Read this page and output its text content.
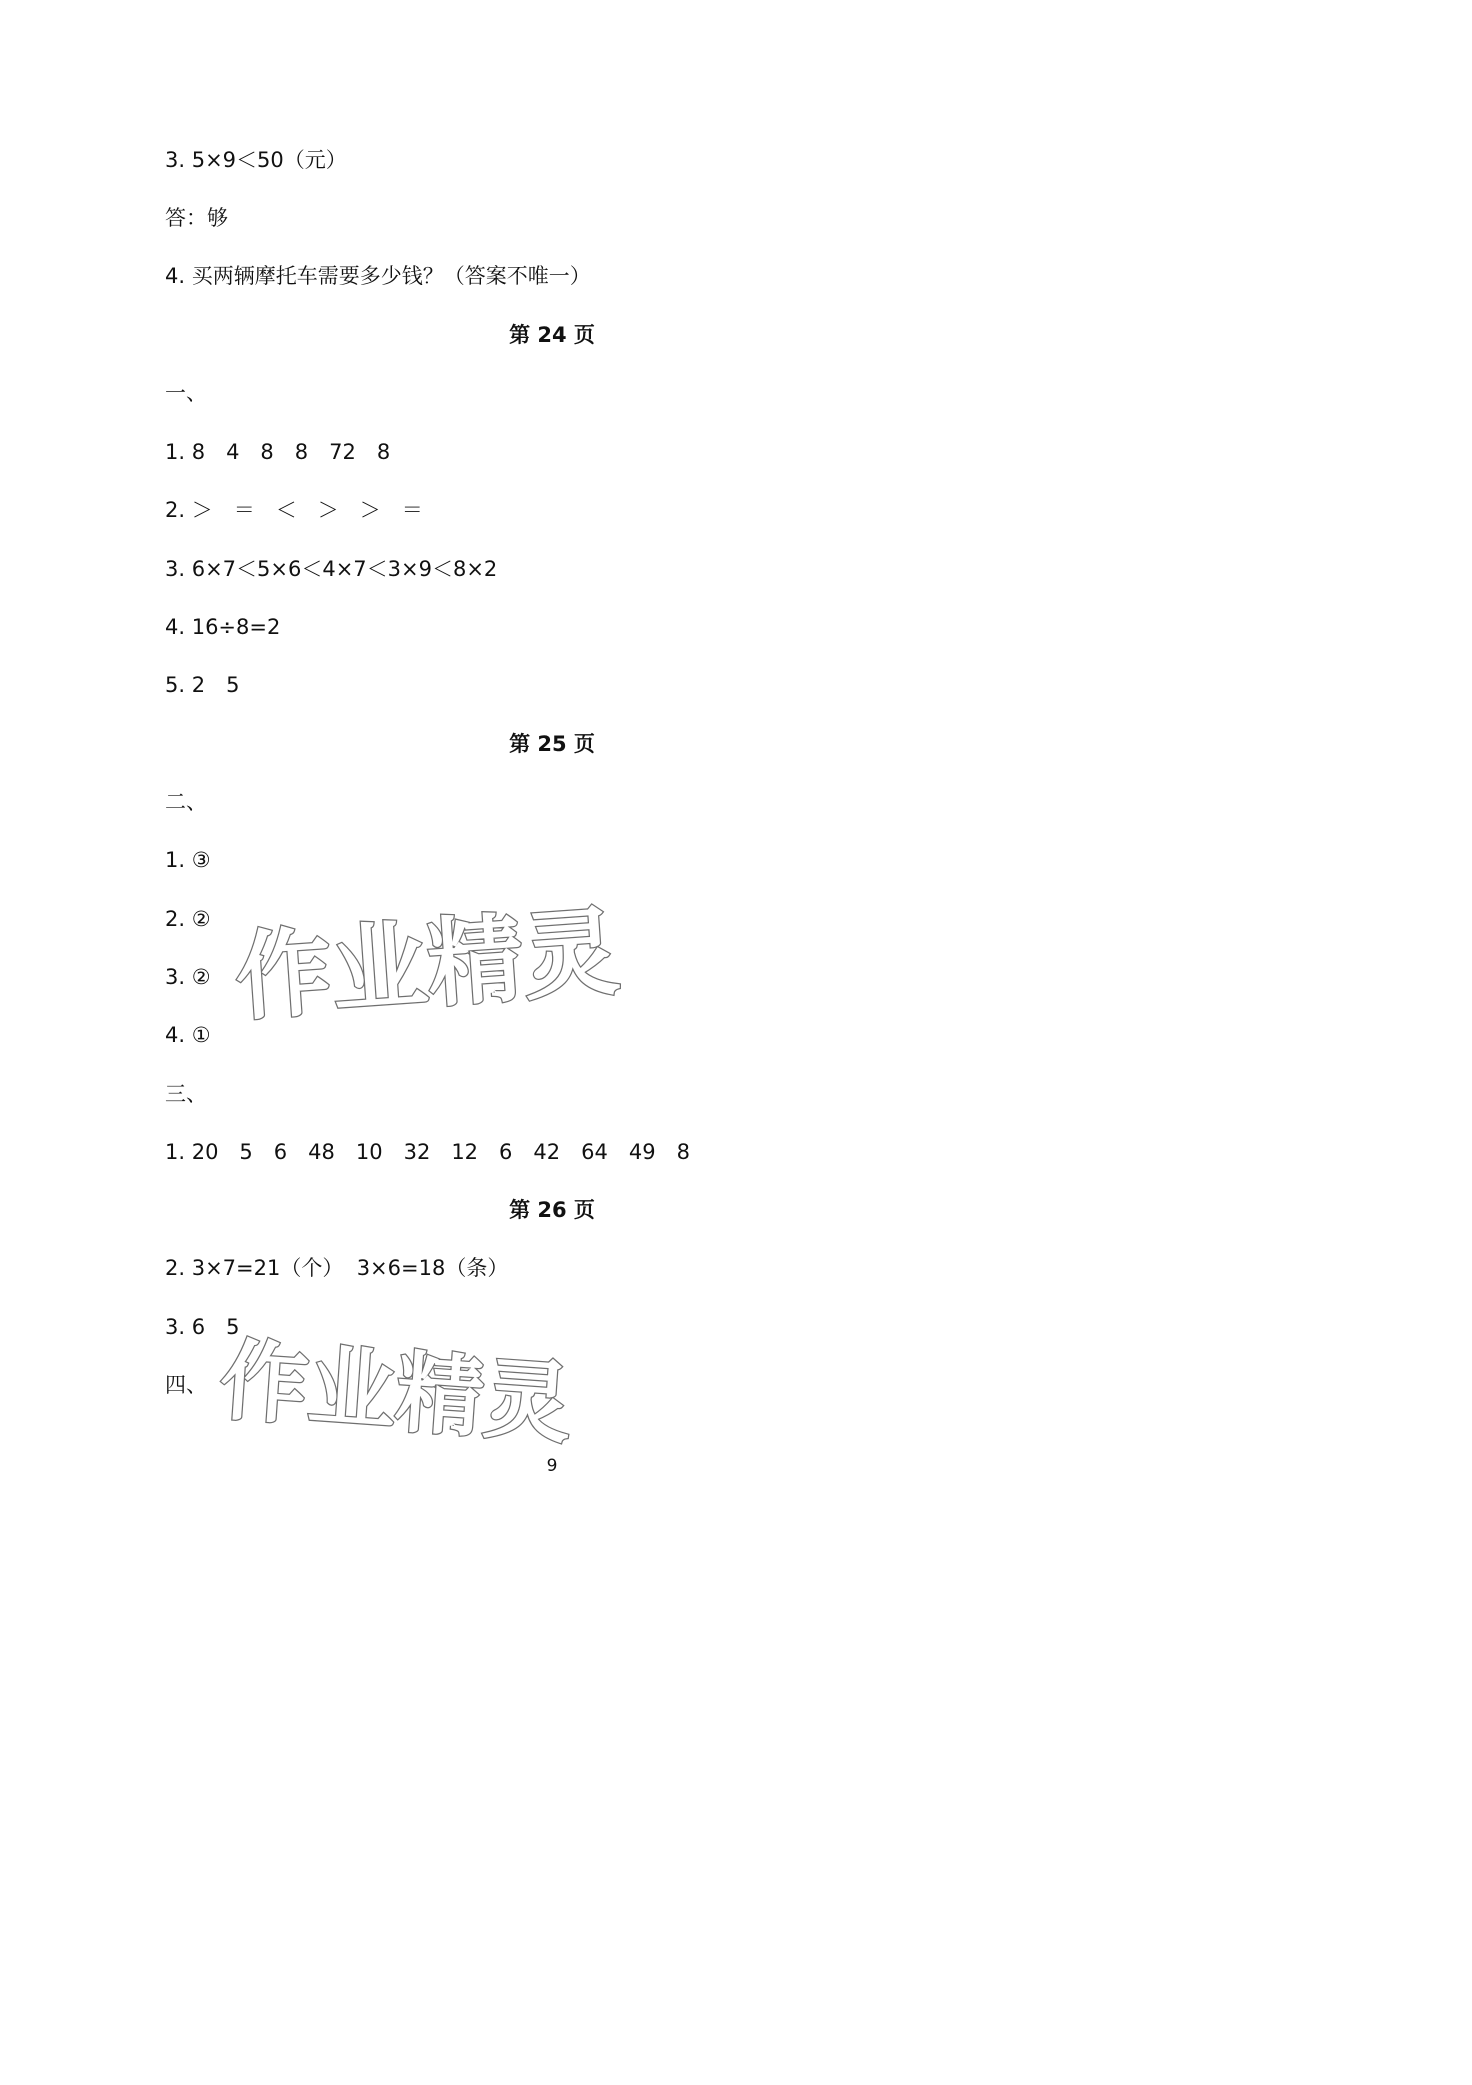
3. 5×9＜50（元）
答：够
4. 买两辆摩托车需要多少钱？（答案不唯一）
第 24 页
一、
1. 8　4　8　8　72　8
2. ＞　＝　＜　＞　＞　＝
3. 6×7＜5×6＜4×7＜3×9＜8×2
4. 16÷8=2
5. 2　5
第 25 页
二、
1. ③
2. ②
3. ②
4. ①
三、
1. 20　5　6　48　10　32　12　6　42　64　49　8
第 26 页
2. 3×7=21（个）  3×6=18（条）
3. 6　5
四、
作业精灵
作业精灵
9
